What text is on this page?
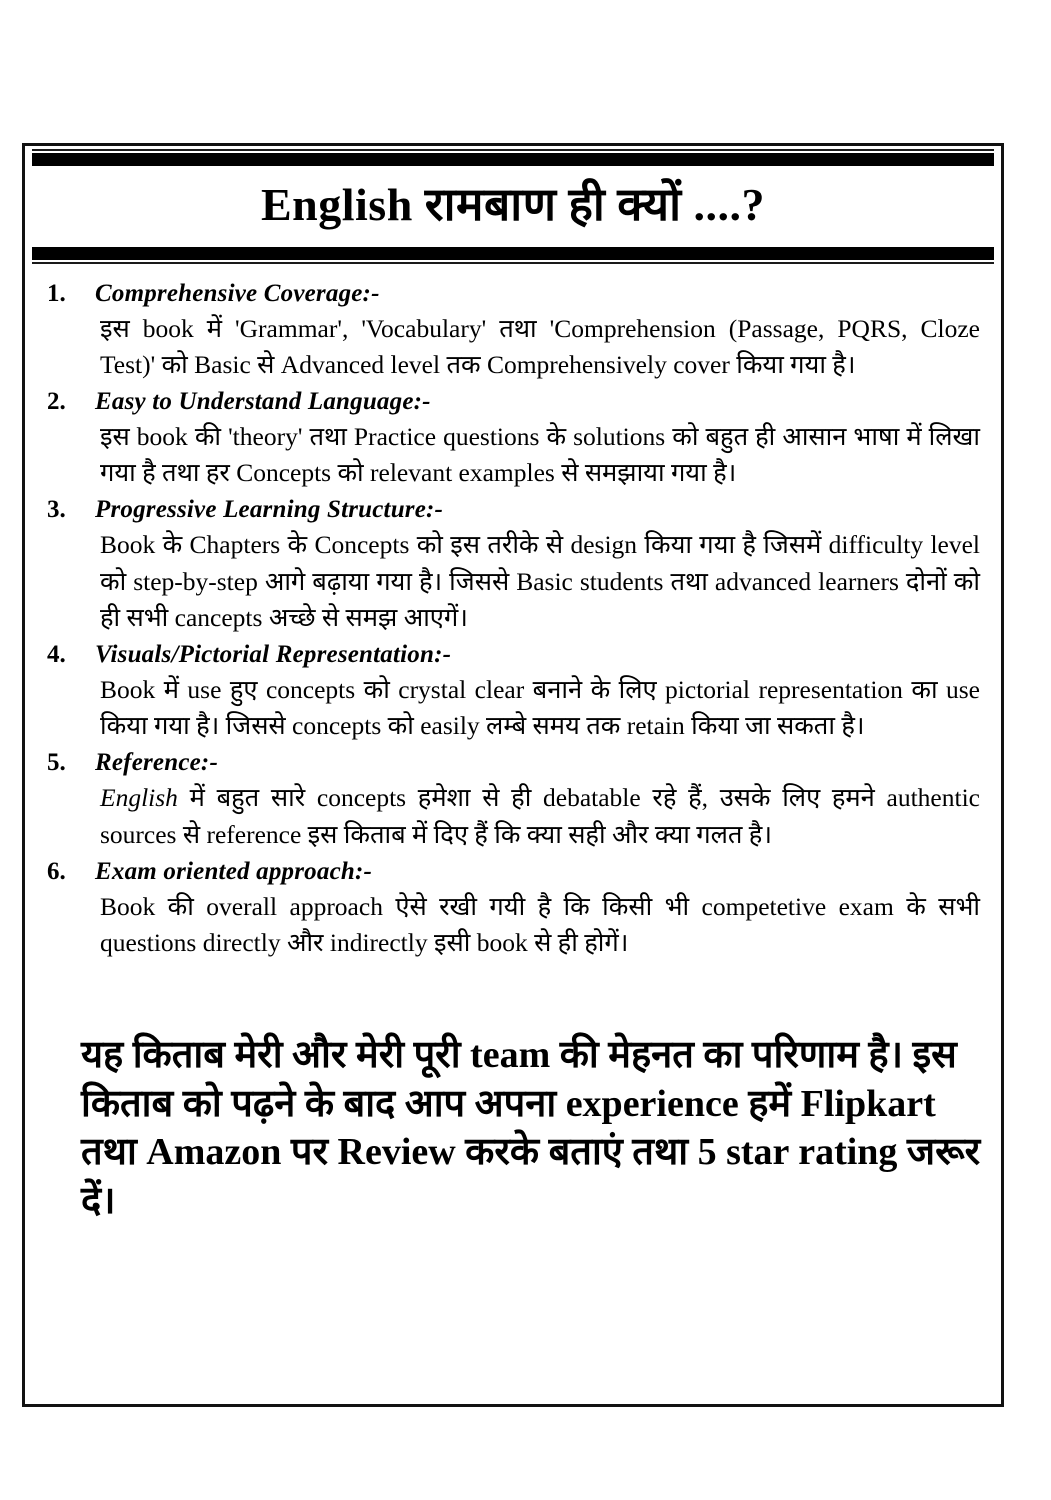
English रामबाण ही क्यों ....?
1.	Comprehensive Coverage:-
इस book में 'Grammar', 'Vocabulary' तथा 'Comprehension (Passage, PQRS, Cloze Test)' को Basic से Advanced level तक Comprehensively cover किया गया है।
2.	Easy to Understand Language:-
इस book की 'theory' तथा Practice questions के solutions को बहुत ही आसान भाषा में लिखा गया है तथा हर Concepts को relevant examples से समझाया गया है।
3.	Progressive Learning Structure:-
Book के Chapters के Concepts को इस तरीके से design किया गया है जिसमें difficulty level को step-by-step आगे बढ़ाया गया है। जिससे Basic students तथा advanced learners दोनों को ही सभी cancepts अच्छे से समझ आएगें।
4.	Visuals/Pictorial Representation:-
Book में use हुए concepts को crystal clear बनाने के लिए pictorial representation का use किया गया है। जिससे concepts को easily लम्बे समय तक retain किया जा सकता है।
5.	Reference:-
English में बहुत सारे concepts हमेशा से ही debatable रहे हैं, उसके लिए हमने authentic sources से reference इस किताब में दिए हैं कि क्या सही और क्या गलत है।
6.	Exam oriented approach:-
Book की overall approach ऐसे रखी गयी है कि किसी भी competetive exam के सभी questions directly और indirectly इसी book से ही होगें।
यह किताब मेरी और मेरी पूरी team की मेहनत का परिणाम है। इस किताब को पढ़ने के बाद आप अपना experience हमें Flipkart तथा Amazon पर Review करके बताएं तथा 5 star rating जरूर दें।
